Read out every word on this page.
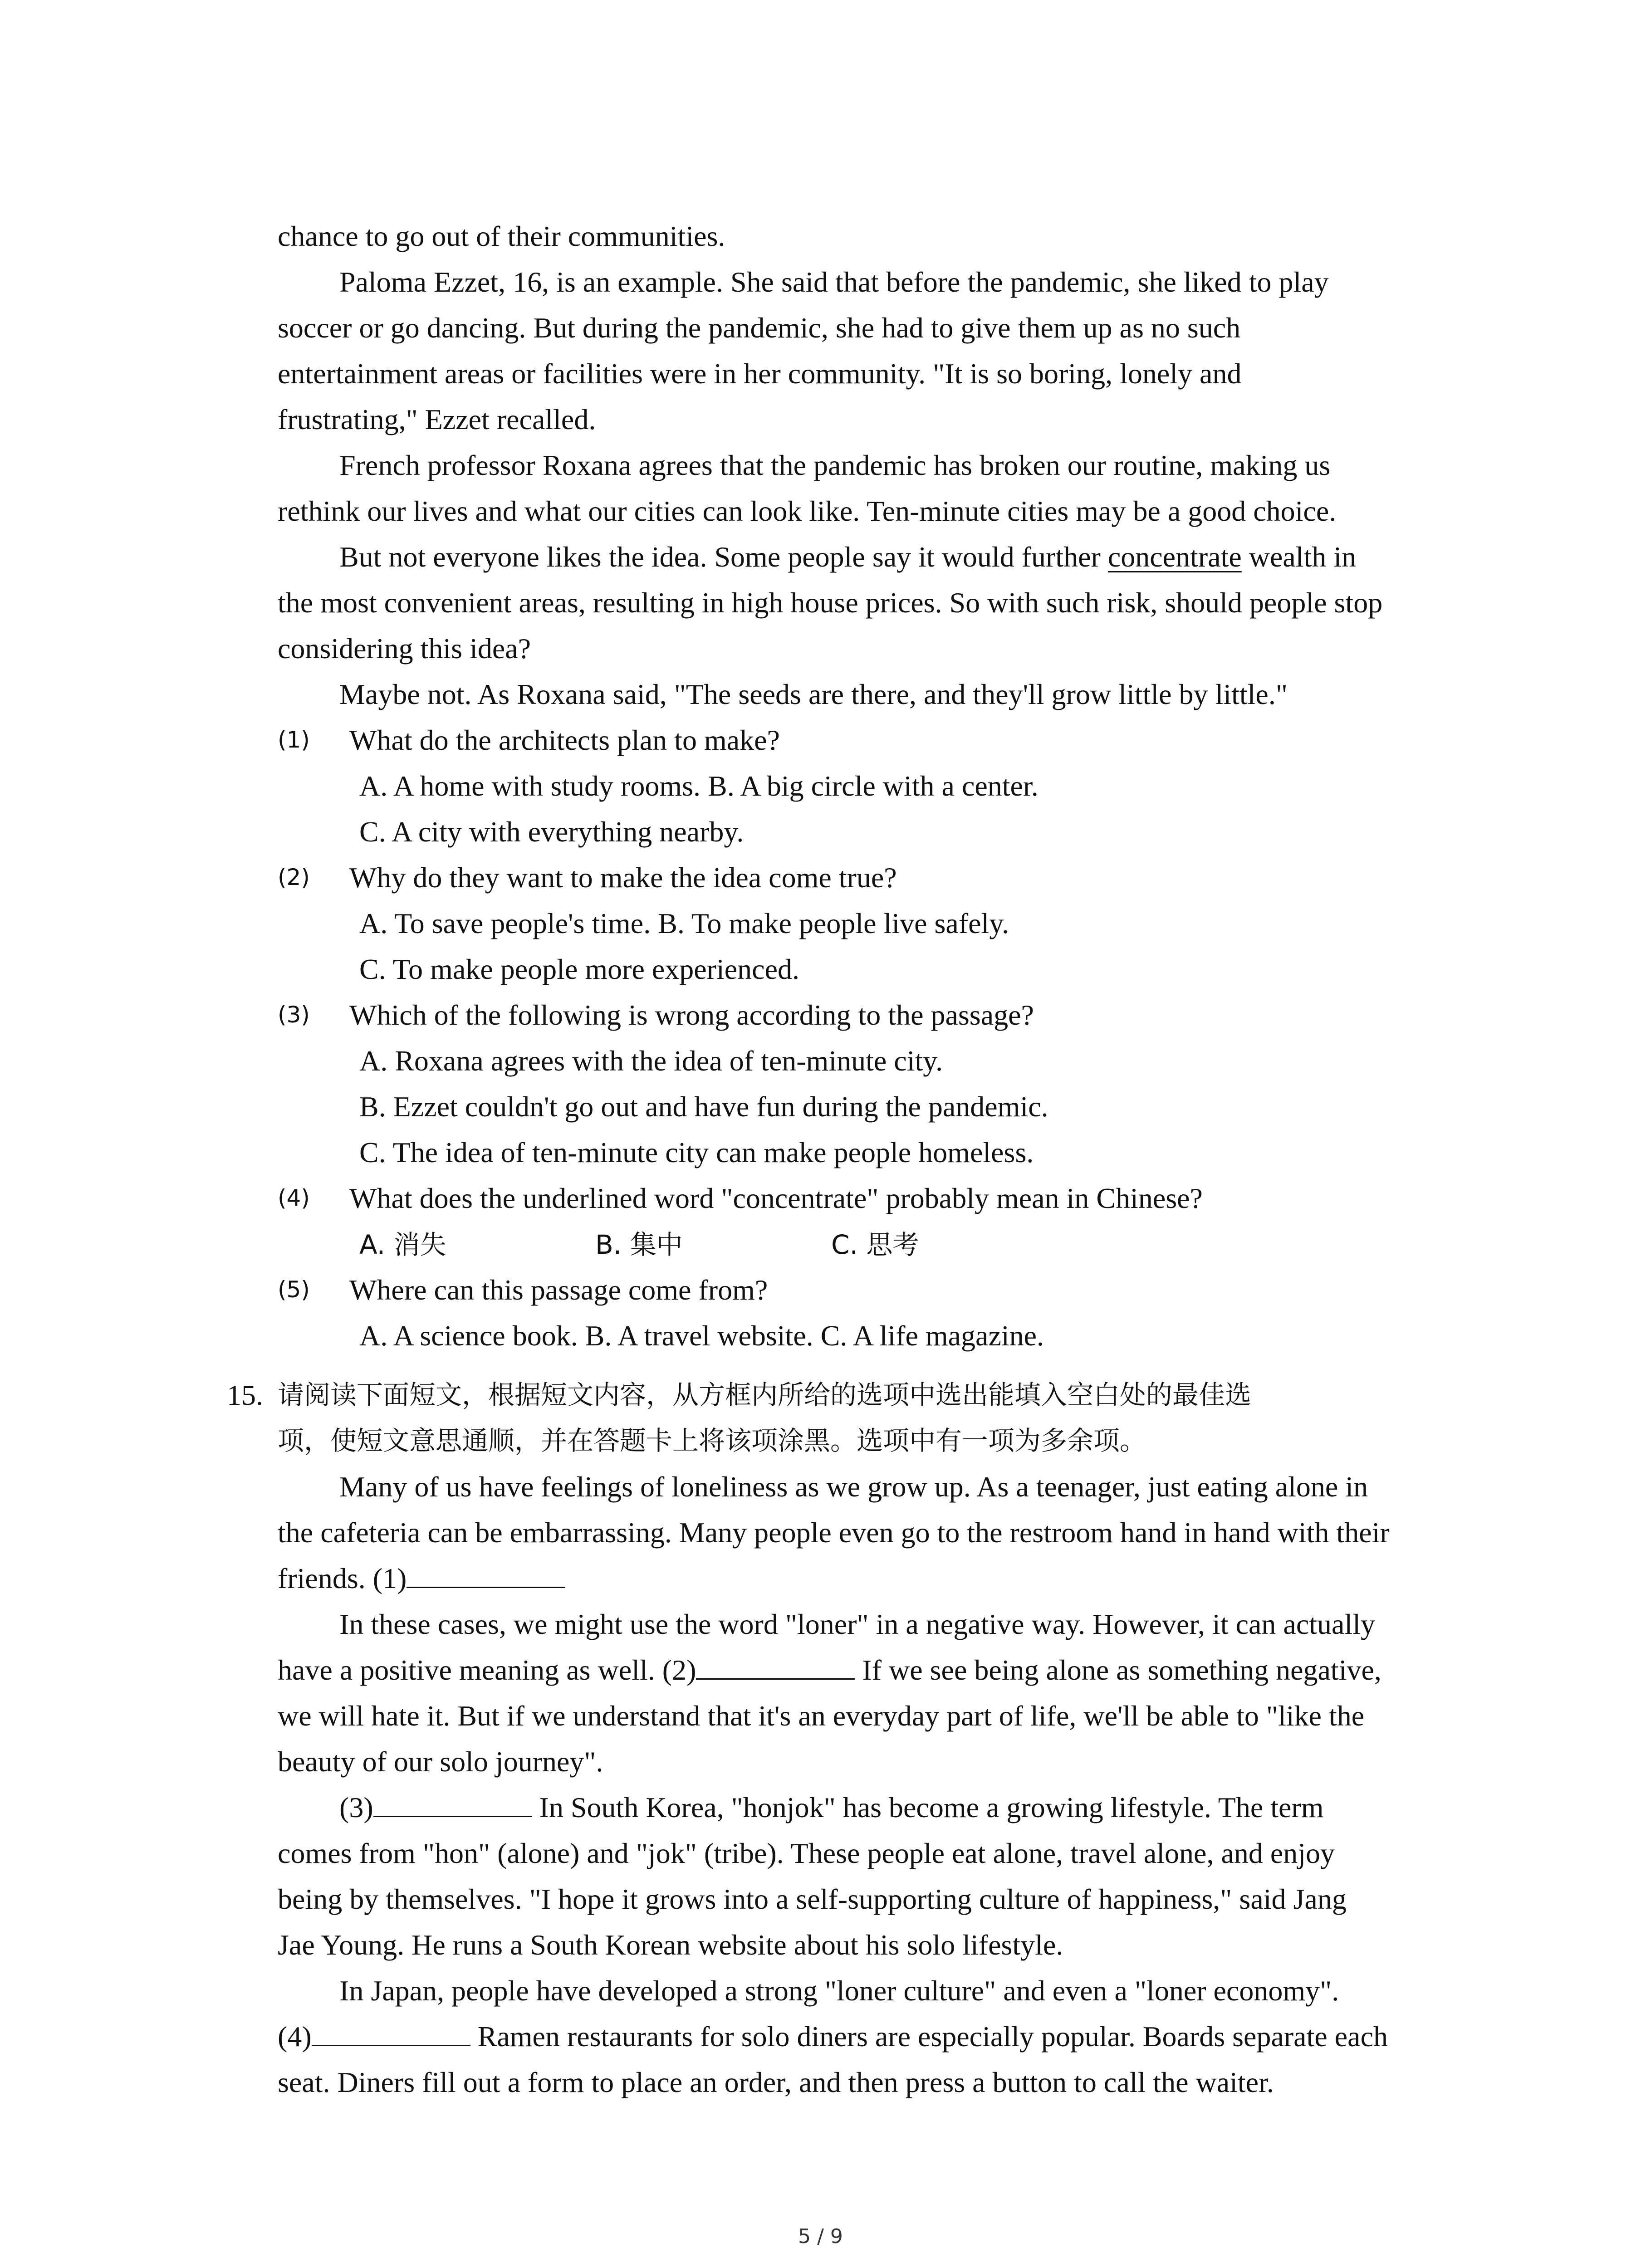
chance to go out of their communities.
Paloma Ezzet, 16, is an example. She said that before the pandemic, she liked to play
soccer or go dancing. But during the pandemic, she had to give them up as no such
entertainment areas or facilities were in her community. "It is so boring, lonely and
frustrating," Ezzet recalled.
French professor Roxana agrees that the pandemic has broken our routine, making us
rethink our lives and what our cities can look like. Ten-minute cities may be a good choice.
But not everyone likes the idea. Some people say it would further concentrate wealth in
the most convenient areas, resulting in high house prices. So with such risk, should people stop
considering this idea?
Maybe not. As Roxana said, "The seeds are there, and they'll grow little by little."
(1) What do the architects plan to make?
A. A home with study rooms. B. A big circle with a center.
C. A city with everything nearby.
(2) Why do they want to make the idea come true?
A. To save people's time. B. To make people live safely.
C. To make people more experienced.
(3) Which of the following is wrong according to the passage?
A. Roxana agrees with the idea of ten-minute city.
B. Ezzet couldn't go out and have fun during the pandemic.
C. The idea of ten-minute city can make people homeless.
(4) What does the underlined word "concentrate" probably mean in Chinese?
A. 消失	B. 集中	C. 思考
(5) Where can this passage come from?
A. A science book. B. A travel website. C. A life magazine.
15. 请阅读下面短文，根据短文内容，从方框内所给的选项中选出能填入空白处的最佳选
项，使短文意思通顺，并在答题卡上将该项涂黑。选项中有一项为多余项。
Many of us have feelings of loneliness as we grow up. As a teenager, just eating alone in
the cafeteria can be embarrassing. Many people even go to the restroom hand in hand with their
friends. (1)
In these cases, we might use the word "loner" in a negative way. However, it can actually
have a positive meaning as well. (2)	If we see being alone as something negative,
we will hate it. But if we understand that it's an everyday part of life, we'll be able to "like the
beauty of our solo journey".
(3)	In South Korea, "honjok" has become a growing lifestyle. The term
comes from "hon" (alone) and "jok" (tribe). These people eat alone, travel alone, and enjoy
being by themselves. "I hope it grows into a self-supporting culture of happiness," said Jang
Jae Young. He runs a South Korean website about his solo lifestyle.
In Japan, people have developed a strong "loner culture" and even a "loner economy".
(4)	Ramen restaurants for solo diners are especially popular. Boards separate each
seat. Diners fill out a form to place an order, and then press a button to call the waiter.
5 / 9
